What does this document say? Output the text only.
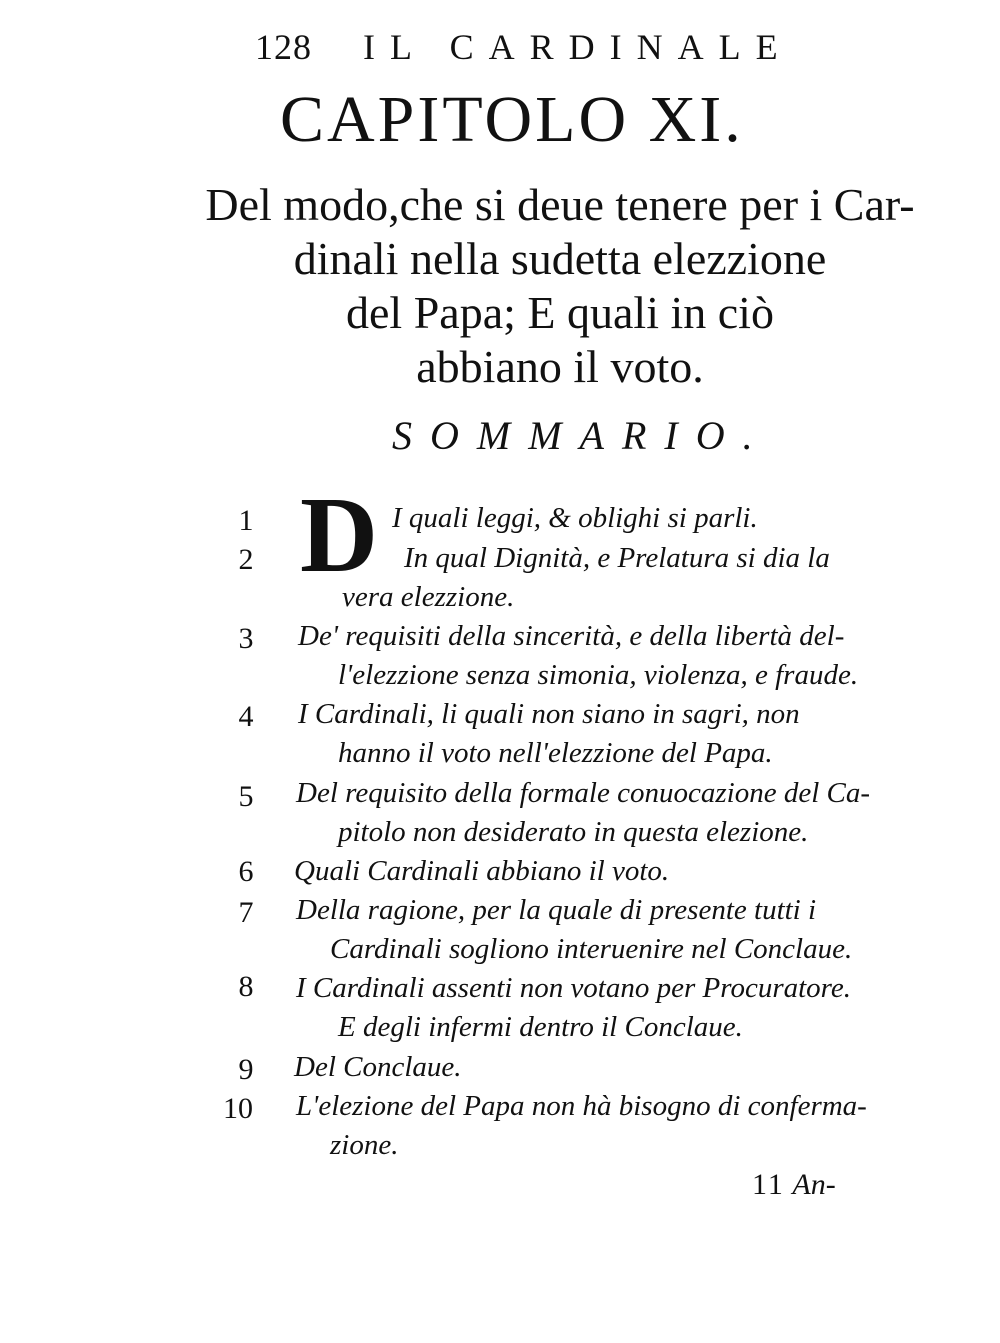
128 IL CARDINALE
CAPITOLO XI.
Del modo,che si deue tenere per i Car-
dinali nella sudetta elezzione
del Papa; E quali in ciò
abbiano il voto.
SOMMARIO.
1
2
3
4
5
6
7
8
9
10
D I quali leggi, & oblighi si parli.
In qual Dignità, e Prelatura si dia la
vera elezzione.
De' requisiti della sincerità, e della libertà del-
l'elezzione senza simonia, violenza, e fraude.
I Cardinali, li quali non siano in sagri, non
hanno il voto nell'elezzione del Papa.
Del requisito della formale conuocazione del Ca-
pitolo non desiderato in questa elezione.
Quali Cardinali abbiano il voto.
Della ragione, per la quale di presente tutti i
Cardinali sogliono interuenire nel Conclaue.
I Cardinali assenti non votano per Procuratore.
E degli infermi dentro il Conclaue.
Del Conclaue.
L'elezione del Papa non hà bisogno di conferma-
zione.
11 An-
